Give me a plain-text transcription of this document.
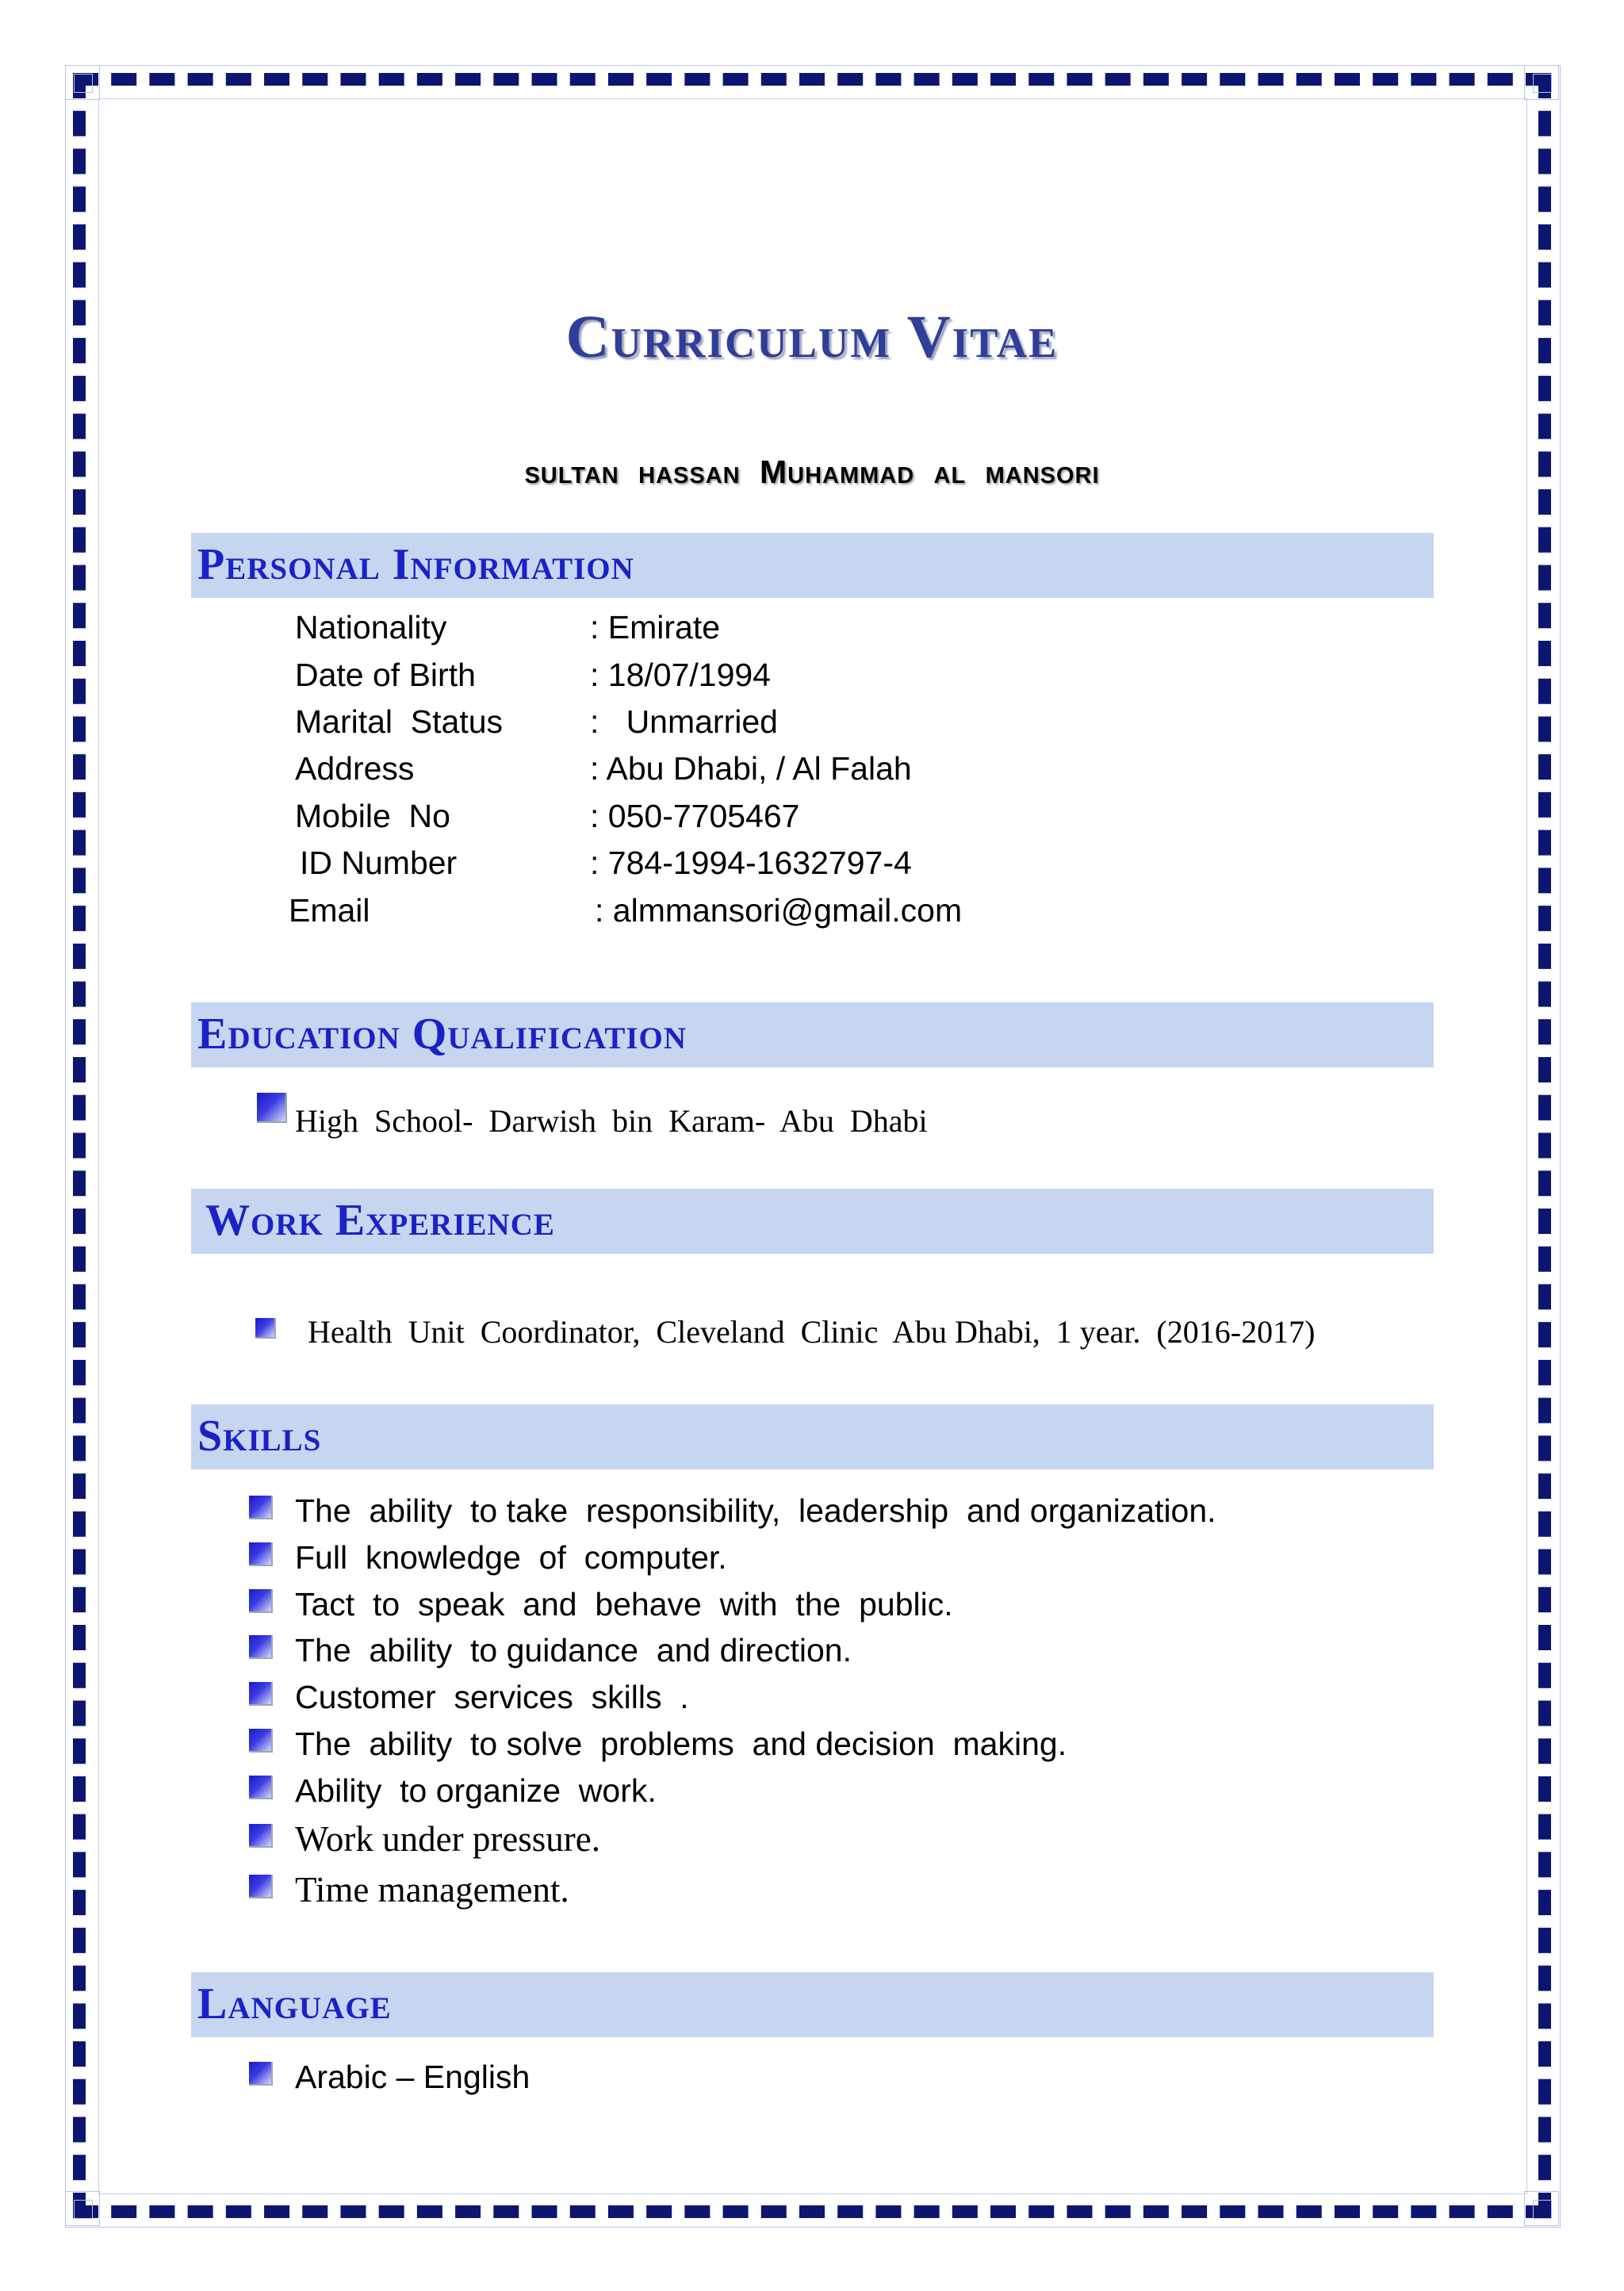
Curriculum Vitae
sultan hassan Muhammad al mansori
Personal Information
Nationality	: Emirate
Date of Birth	: 18/07/1994
Marital  Status	:   Unmarried
Address	: Abu Dhabi, / Al Falah
Mobile  No	: 050-7705467
ID Number	: 784-1994-1632797-4
Email	: almmansori@gmail.com
Education Qualification
High  School-  Darwish  bin  Karam-  Abu  Dhabi
Work Experience
Health  Unit  Coordinator,  Cleveland  Clinic  Abu Dhabi,  1 year.  (2016-2017)
Skills
The  ability  to take  responsibility,  leadership  and organization.
Full  knowledge  of  computer.
Tact  to  speak  and  behave  with  the  public.
The  ability  to guidance  and direction.
Customer  services  skills  .
The  ability  to solve  problems  and decision  making.
Ability  to organize  work.
Work under pressure.
Time management.
Language
Arabic – English
